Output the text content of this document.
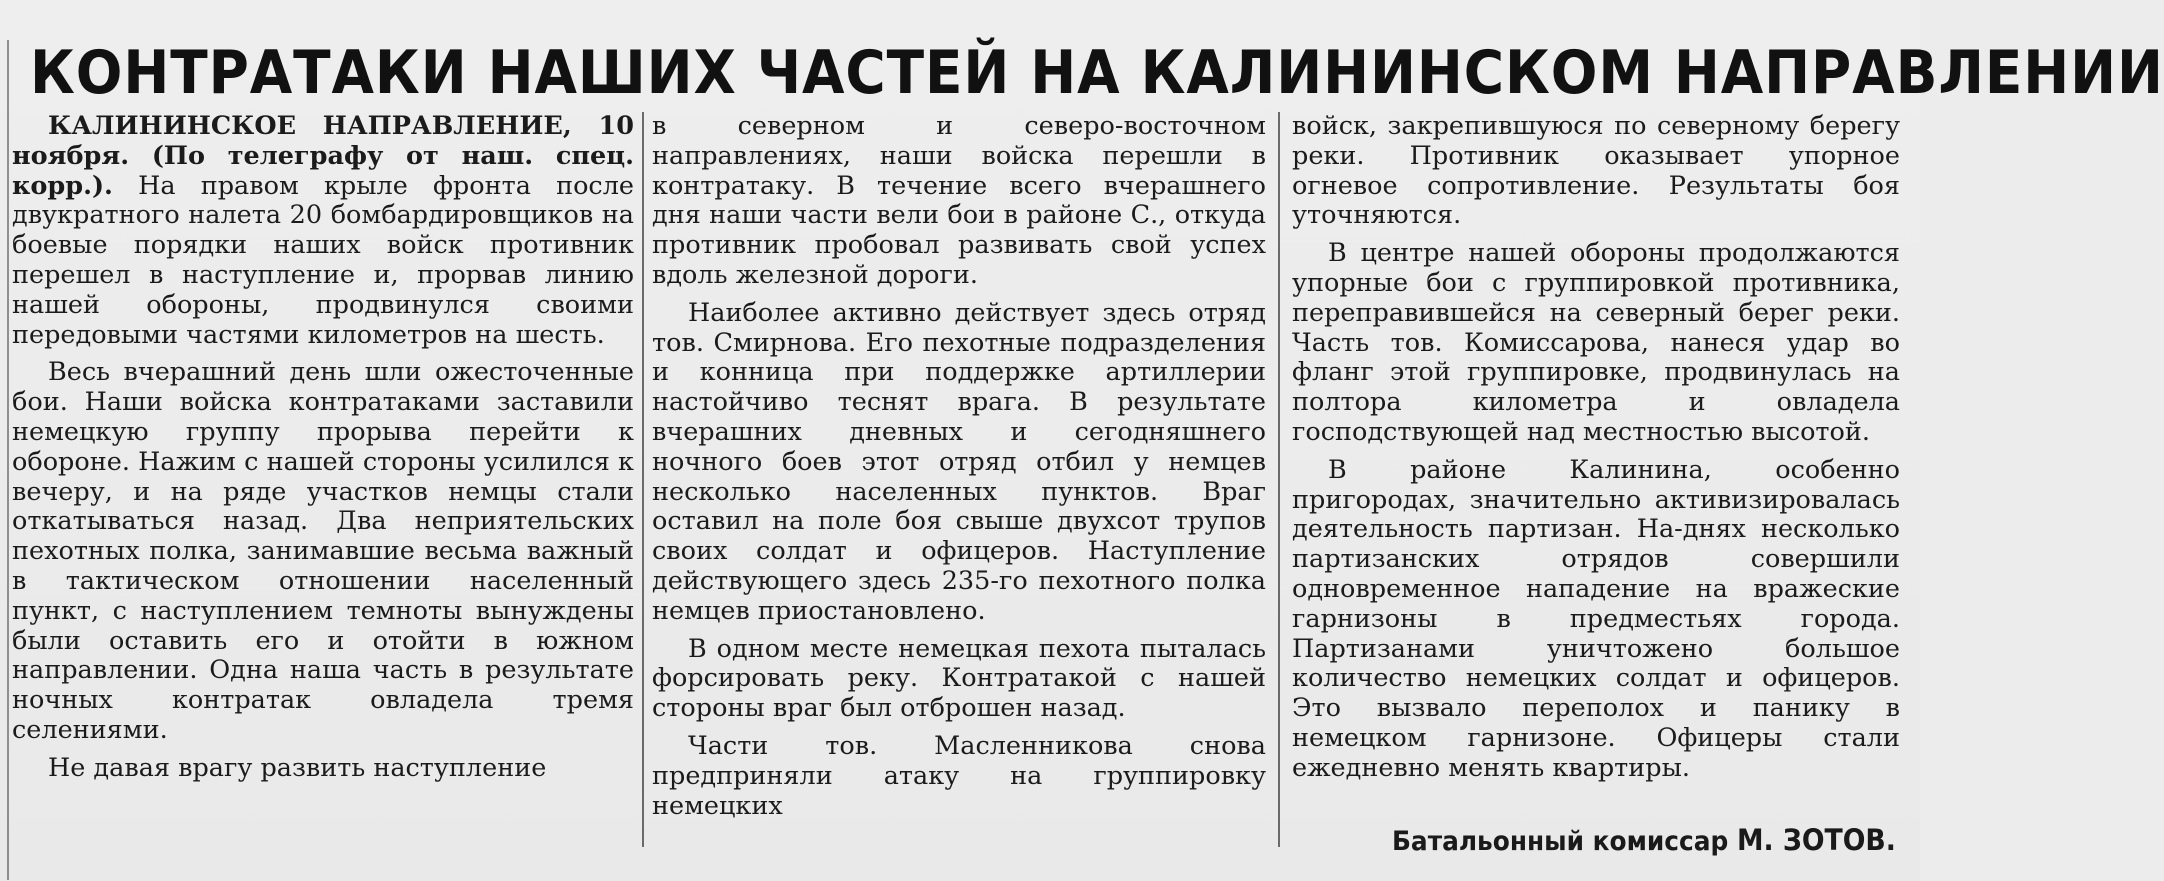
КОНТРАТАКИ НАШИХ ЧАСТЕЙ НА КАЛИНИНСКОМ НАПРАВЛЕНИИ

КАЛИНИНСКОЕ НАПРАВЛЕНИЕ, 10 ноября. (По телеграфу от наш. спец. корр.). На правом крыле фронта после двукратного налета 20 бомбардировщиков на боевые порядки наших войск противник перешел в наступление и, прорвав линию нашей обороны, продвинулся своими передовыми частями километров на шесть.

Весь вчерашний день шли ожесточенные бои. Наши войска контратаками заставили немецкую группу прорыва перейти к обороне. Нажим с нашей стороны усилился к вечеру, и на ряде участков немцы стали откатываться назад. Два неприятельских пехотных полка, занимавшие весьма важный в тактическом отношении населенный пункт, с наступлением темноты вынуждены были оставить его и отойти в южном направлении. Одна наша часть в результате ночных контратак овладела тремя селениями.

Не давая врагу развить наступление

в северном и северо-восточном направлениях, наши войска перешли в контратаку. В течение всего вчерашнего дня наши части вели бои в районе С., откуда противник пробовал развивать свой успех вдоль железной дороги.

Наиболее активно действует здесь отряд тов. Смирнова. Его пехотные подразделения и конница при поддержке артиллерии настойчиво теснят врага. В результате вчерашних дневных и сегодняшнего ночного боев этот отряд отбил у немцев несколько населенных пунктов. Враг оставил на поле боя свыше двухсот трупов своих солдат и офицеров. Наступление действующего здесь 235-го пехотного полка немцев приостановлено.

В одном месте немецкая пехота пыталась форсировать реку. Контратакой с нашей стороны враг был отброшен назад.

Части тов. Масленникова снова предприняли атаку на группировку немецких

войск, закрепившуюся по северному берегу реки. Противник оказывает упорное огневое сопротивление. Результаты боя уточняются.

В центре нашей обороны продолжаются упорные бои с группировкой противника, переправившейся на северный берег реки. Часть тов. Комиссарова, нанеся удар во фланг этой группировке, продвинулась на полтора километра и овладела господствующей над местностью высотой.

В районе Калинина, особенно пригородах, значительно активизировалась деятельность партизан. На-днях несколько партизанских отрядов совершили одновременное нападение на вражеские гарнизоны в предместьях города. Партизанами уничтожено большое количество немецких солдат и офицеров. Это вызвало переполох и панику в немецком гарнизоне. Офицеры стали ежедневно менять квартиры.

Батальонный комиссар М. ЗОТОВ.
